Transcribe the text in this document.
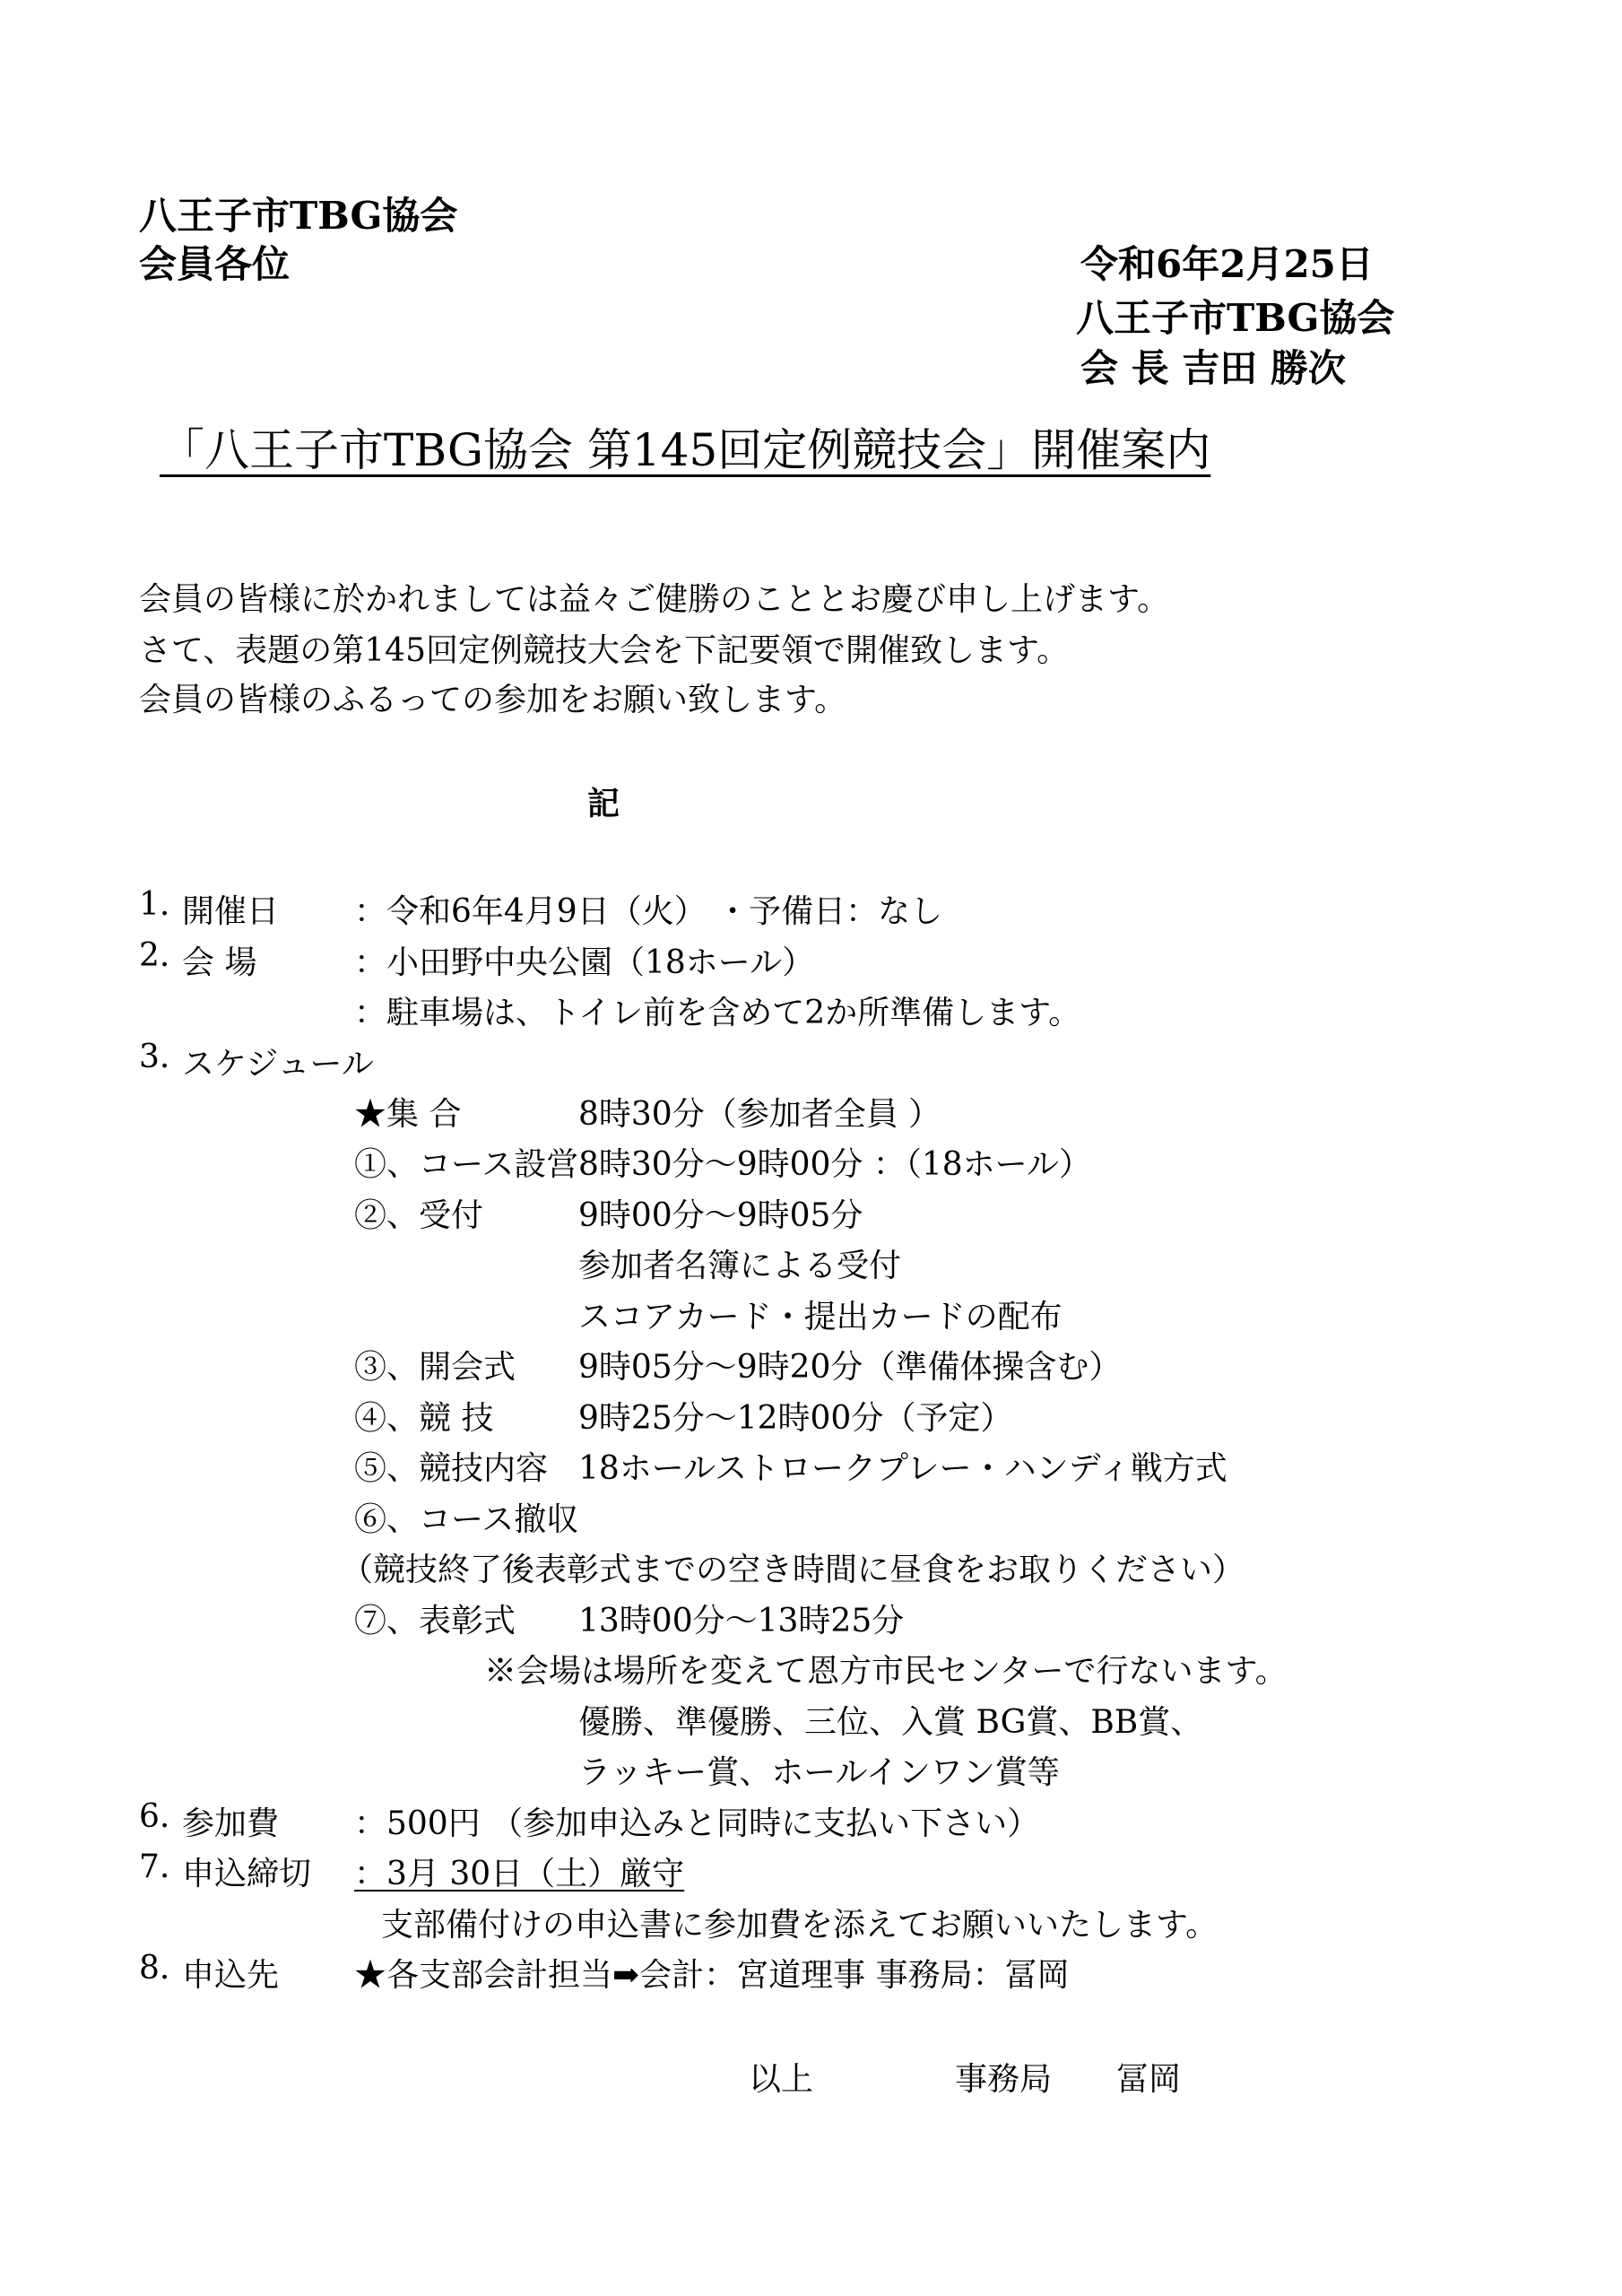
八王子市TBG協会
会員各位	令和6年2月25日
八王子市TBG協会
会 長 吉田 勝次
「八王子市TBG協会 第145回定例競技会」開催案内
会員の皆様に於かれましては益々ご健勝のこととお慶び申し上げます。
さて、表題の第145回定例競技大会を下記要領で開催致します。
会員の皆様のふるっての参加をお願い致します。
記
1. 開催日 ：令和6年4月9日（火） ・予備日：なし
2. 会 場	：小田野中央公園（18ホール）
：駐車場は、トイレ前を含めて2か所準備します。
3. スケジュール
★集 合	8時30分（参加者全員 ）
①、コース設営 8時30分～9時00分 ：（18ホール）
②、受付	9時00分～9時05分
参加者名簿による受付
スコアカード・提出カードの配布
③、開会式 9時05分～9時20分（準備体操含む）
④、競 技	9時25分～12時00分（予定）
⑤、競技内容 18ホールストロークプレー・ハンディ戦方式
⑥、コース撤収
（競技終了後表彰式までの空き時間に昼食をお取りください）
⑦、表彰式 13時00分～13時25分
※会場は場所を変えて恩方市民センターで行ないます。
優勝、準優勝、三位、入賞 BG賞、BB賞、
ラッキー賞、ホールインワン賞等
6. 参加費 ：500円 （参加申込みと同時に支払い下さい）
7. 申込締切 ：3月 30日（土）厳守
支部備付けの申込書に参加費を添えてお願いいたします。
8. 申込先 ★各支部会計担当➡会計：宮道理事 事務局：冨岡
以上	事務局 冨岡
